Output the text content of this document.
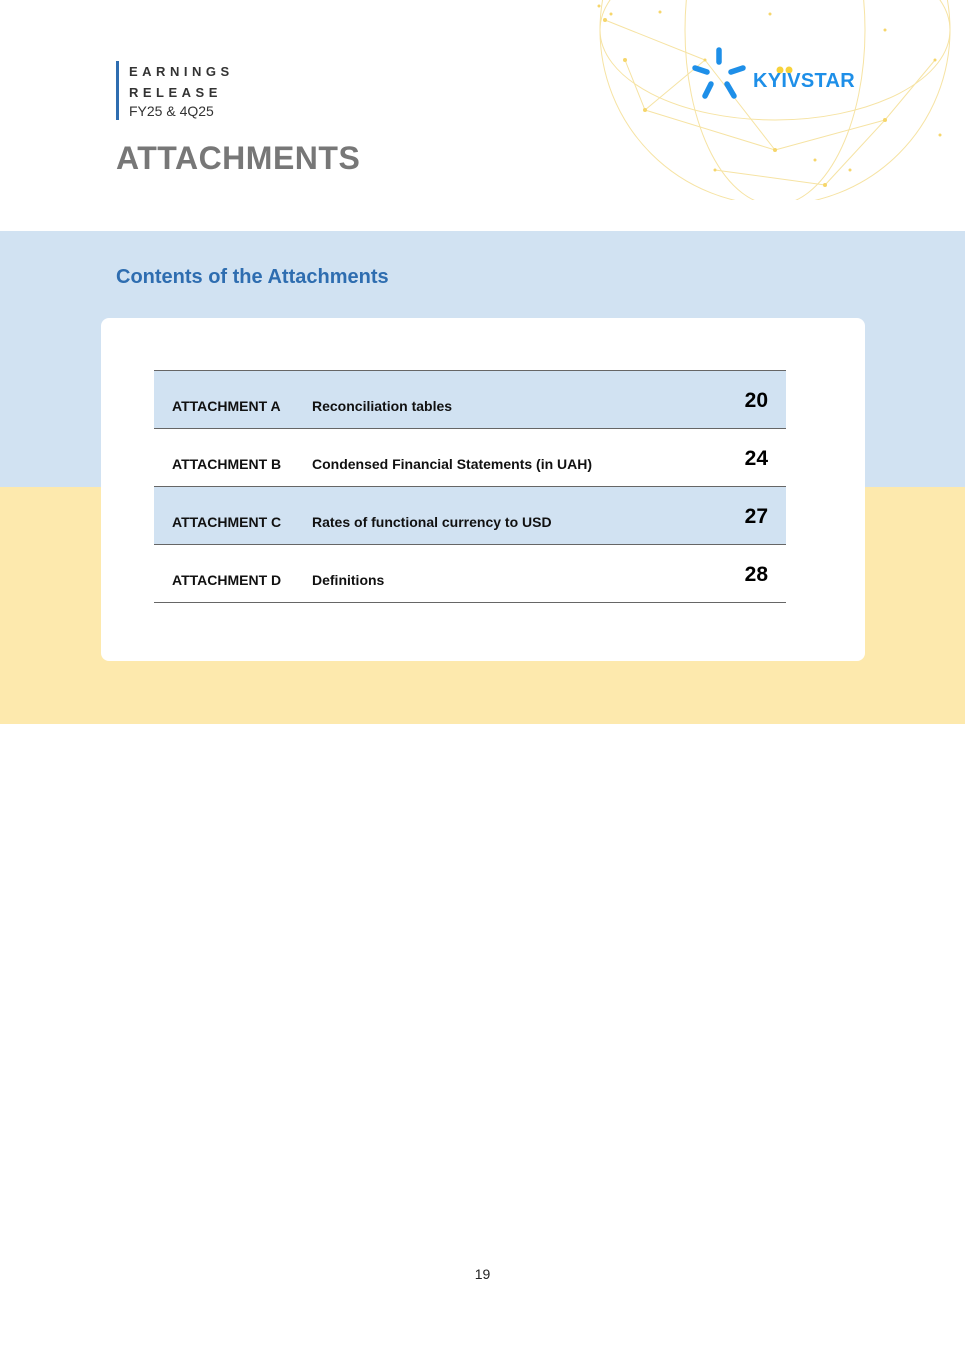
EARNINGS
RELEASE
FY25 & 4Q25
ATTACHMENTS
KYIVSTAR
Contents of the Attachments
ATTACHMENT A Reconciliation tables	20
ATTACHMENT B Condensed Financial Statements (in UAH)	24
ATTACHMENT C Rates of functional currency to USD	27
ATTACHMENT D Definitions	28
19
